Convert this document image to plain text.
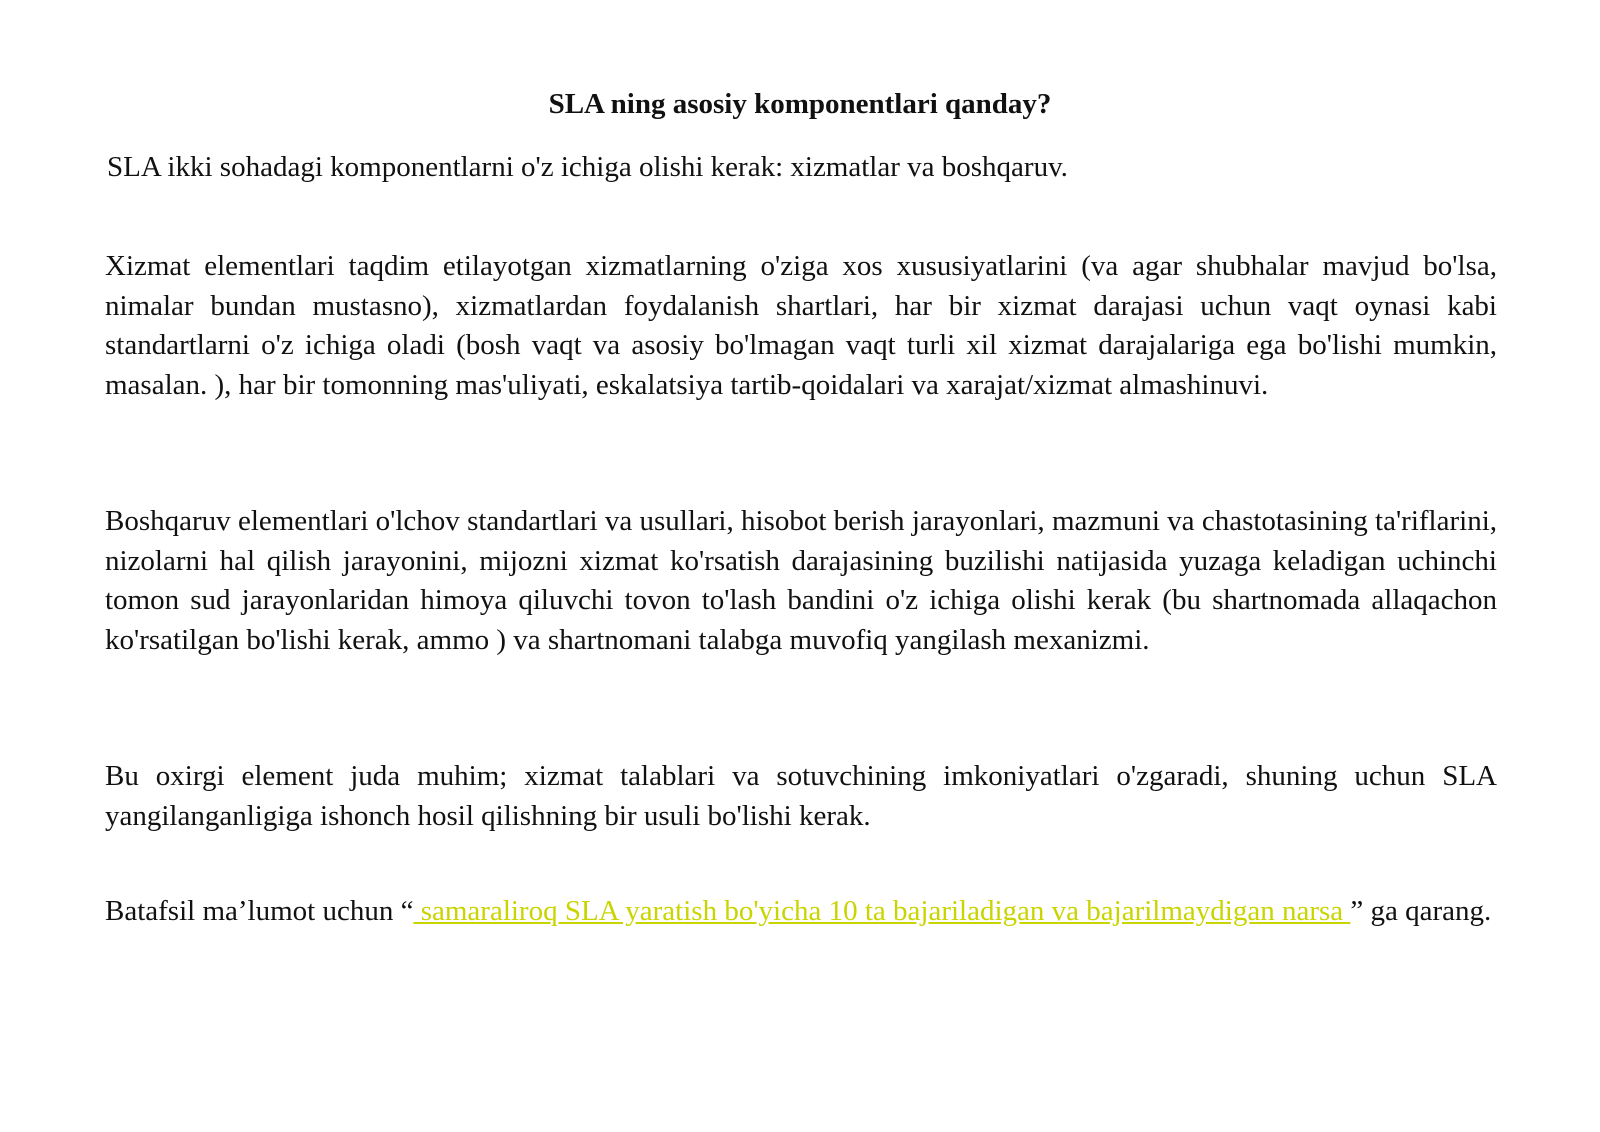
SLA ning asosiy komponentlari qanday?

SLA ikki sohadagi komponentlarni o'z ichiga olishi kerak: xizmatlar va boshqaruv.

Xizmat elementlari taqdim etilayotgan xizmatlarning o'ziga xos xususiyatlarini (va agar shubhalar mavjud bo'lsa, nimalar bundan mustasno), xizmatlardan foydalanish shartlari, har bir xizmat darajasi uchun vaqt oynasi kabi standartlarni o'z ichiga oladi (bosh vaqt va asosiy bo'lmagan vaqt turli xil xizmat darajalariga ega bo'lishi mumkin, masalan. ), har bir tomonning mas'uliyati, eskalatsiya tartib-qoidalari va xarajat/xizmat almashinuvi.

Boshqaruv elementlari o'lchov standartlari va usullari, hisobot berish jarayonlari, mazmuni va chastotasining ta'riflarini, nizolarni hal qilish jarayonini, mijozni xizmat ko'rsatish darajasining buzilishi natijasida yuzaga keladigan uchinchi tomon sud jarayonlaridan himoya qiluvchi tovon to'lash bandini o'z ichiga olishi kerak (bu shartnomada allaqachon ko'rsatilgan bo'lishi kerak, ammo ) va shartnomani talabga muvofiq yangilash mexanizmi.

Bu oxirgi element juda muhim; xizmat talablari va sotuvchining imkoniyatlari o'zgaradi, shuning uchun SLA yangilanganligiga ishonch hosil qilishning bir usuli bo'lishi kerak.

Batafsil ma’lumot uchun “ samaraliroq SLA yaratish bo'yicha 10 ta bajariladigan va bajarilmaydigan narsa ” ga qarang.
